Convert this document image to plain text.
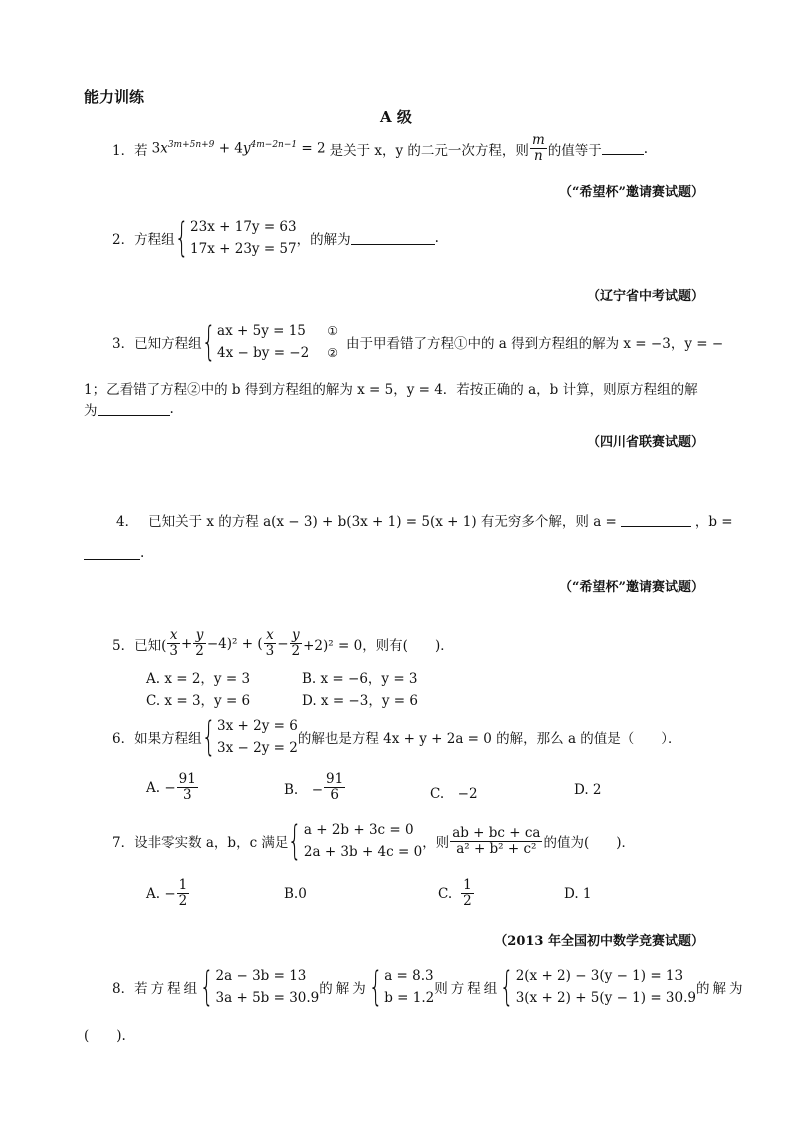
能力训练
A 级
1． 若 $3x^{3m+5n+9} + 4y^{4m-2n-1} = 2$ 是关于 x，y 的二元一次方程，则 $\frac{m}{n}$ 的值等于	.
（“希望杯”邀请赛试题）
2． 方程组 { 23x + 17y = 63
17x + 23y = 57
，的解为	.
（辽宁省中考试题）
3． 已知方程组 { ax + 5y = 15
4x − by = −2
①
②
由于甲看错了方程①中的 a 得到方程组的解为 x = −3，y = −
1；乙看错了方程②中的 b 得到方程组的解为 x = 5，y = 4．若按正确的 a，b 计算，则原方程组的解
为	.
（四川省联赛试题）
4． 已知关于 x 的方程 a(x − 3) + b(3x + 1) = 5(x + 1) 有无穷多个解，则 a =	，b =
.
（“希望杯”邀请赛试题）
5． 已知( $\frac{x}{3} + \frac{y}{2} -4)^2$ + ( $\frac{x}{3} - \frac{y}{2} +2)^2 = 0$，则有(　　)．
A. x = 2，y = 3	B. x = −6，y = 3
C. x = 3，y = 6	D. x = −3，y = 6
6． 如果方程组 { 3x + 2y = 6
3x − 2y = 2
的解也是方程 4x + y + 2a = 0 的解，那么 a 的值是（　　）．
A. − $\frac{91}{3}$	B.　− $\frac{91}{6}$	C.　−2	D. 2
7． 设非零实数 a，b，c 满足 { a + 2b + 3c = 0
2a + 3b + 4c = 0
，则 $\frac{ab + bc + ca}{\text{a² + b² + c²}}$ 的值为(　　)．
A. − $\frac{1}{2}$	B.0	C. $\frac{1}{2}$	D. 1
（2013 年全国初中数学竞赛试题）
8． 若方程组 { 2a − 3b = 13
3a + 5b = 30.9
的解为 { a = 8.3
b = 1.2
则方程组 { 2(x + 2) − 3(y − 1) = 13
3(x + 2) + 5(y − 1) = 30.9
的解为
(　　).
